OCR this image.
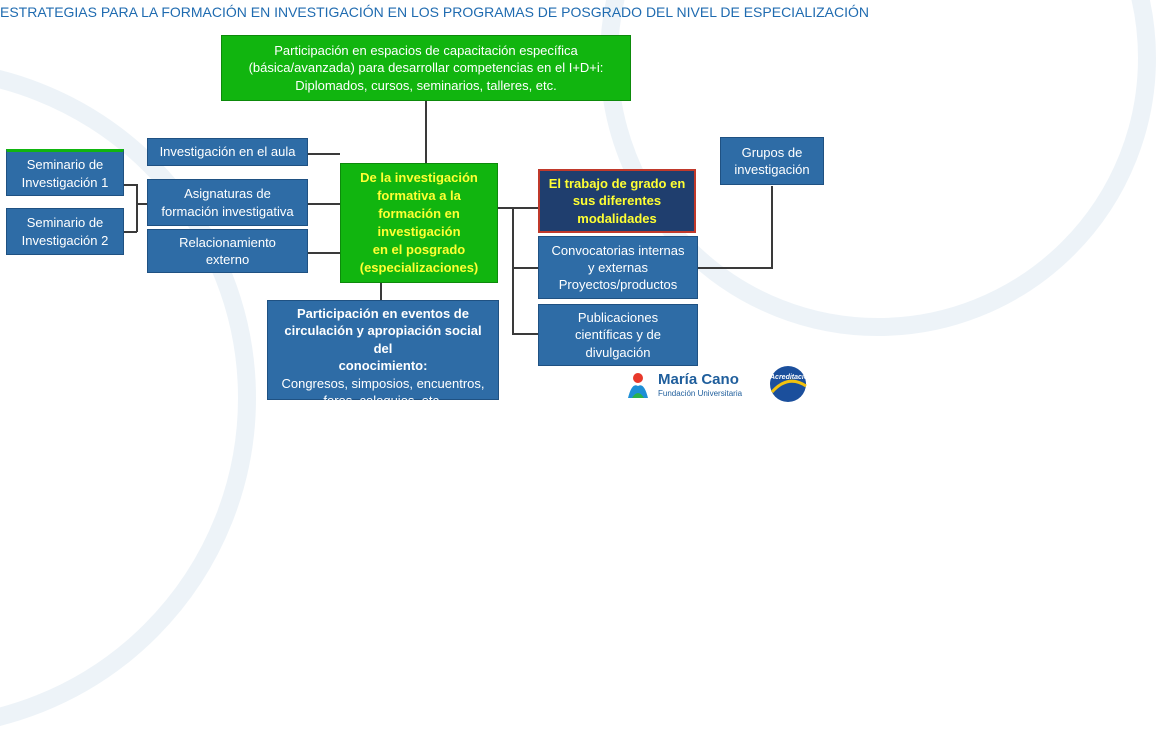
ESTRATEGIAS PARA LA FORMACIÓN EN INVESTIGACIÓN EN LOS PROGRAMAS DE POSGRADO DEL NIVEL DE ESPECIALIZACIÓN
Participación en espacios de capacitación específica
(básica/avanzada) para desarrollar competencias en el I+D+i:
Diplomados, cursos, seminarios, talleres, etc.
De la investigación
formativa a la
formación en
investigación
en el posgrado
(especializaciones)
Investigación en el aula
Asignaturas de
formación investigativa
Relacionamiento
externo
Seminario de
Investigación 1
Seminario de
Investigación 2
El trabajo de grado en
sus diferentes
modalidades
Grupos de
investigación
Convocatorias internas
y externas
Proyectos/productos
Publicaciones
científicas y de
divulgación
Participación en eventos de
circulación y apropiación social del
conocimiento:
Congresos, simposios, encuentros,
foros, coloquios, etc.
María Cano
Fundación Universitaria
Acreditación
